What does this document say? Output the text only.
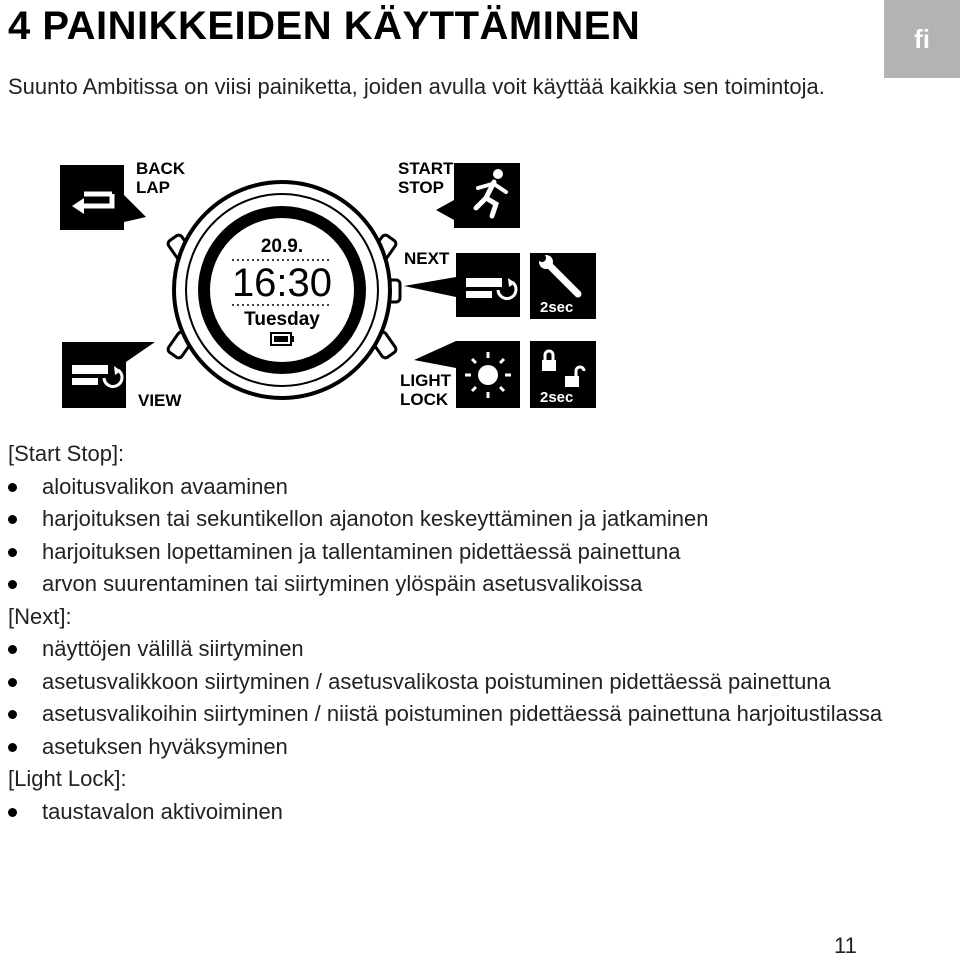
4 PAINIKKEIDEN KÄYTTÄMINEN	fi

Suunto Ambitissa on viisi painiketta, joiden avulla voit käyttää kaikkia sen toimintoja.

BACK
LAP
20.9.
16:30
Tuesday
START
STOP
NEXT
2sec
VIEW
LIGHT
LOCK	2sec
[Start Stop]:
aloitusvalikon avaaminen
harjoituksen tai sekuntikellon ajanoton keskeyttäminen ja jatkaminen
harjoituksen lopettaminen ja tallentaminen pidettäessä painettuna
arvon suurentaminen tai siirtyminen ylöspäin asetusvalikoissa
[Next]:
näyttöjen välillä siirtyminen
asetusvalikkoon siirtyminen / asetusvalikosta poistuminen pidettäessä painettuna
asetusvalikoihin siirtyminen / niistä poistuminen pidettäessä painettuna harjoitustilassa
asetuksen hyväksyminen
[Light Lock]:
taustavalon aktivoiminen
11
